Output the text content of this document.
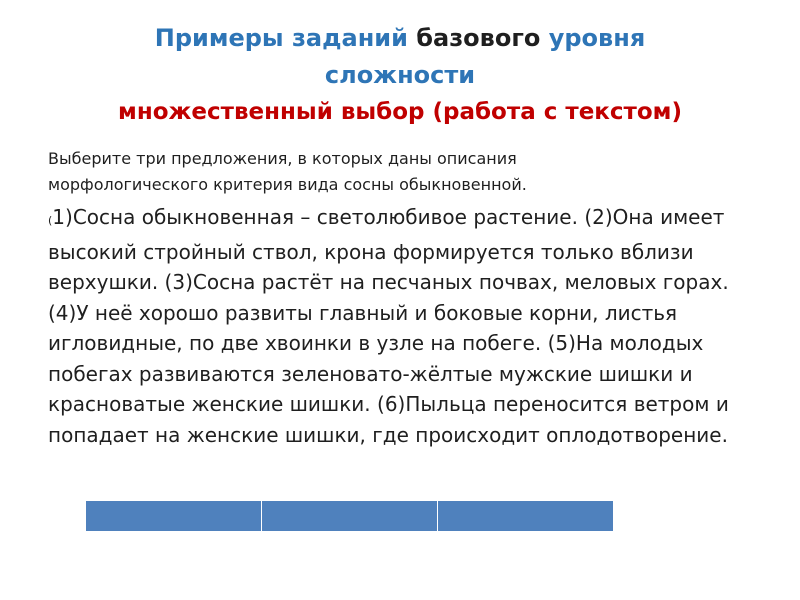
Примеры заданий базового уровня
сложности
множественный выбор (работа с текстом)
Выберите три предложения, в которых даны описания
морфологического критерия вида сосны обыкновенной.
(1)Сосна обыкновенная – светолюбивое растение. (2)Она имеет высокий стройный ствол, крона формируется только вблизи верхушки. (3)Сосна растёт на песчаных почвах, меловых горах. (4)У неё хорошо развиты главный и боковые корни, листья игловидные, по две хвоинки в узле на побеге. (5)На молодых побегах развиваются зеленовато-жёлтые мужские шишки и красноватые женские шишки. (6)Пыльца переносится ветром и попадает на женские шишки, где происходит оплодотворение.
